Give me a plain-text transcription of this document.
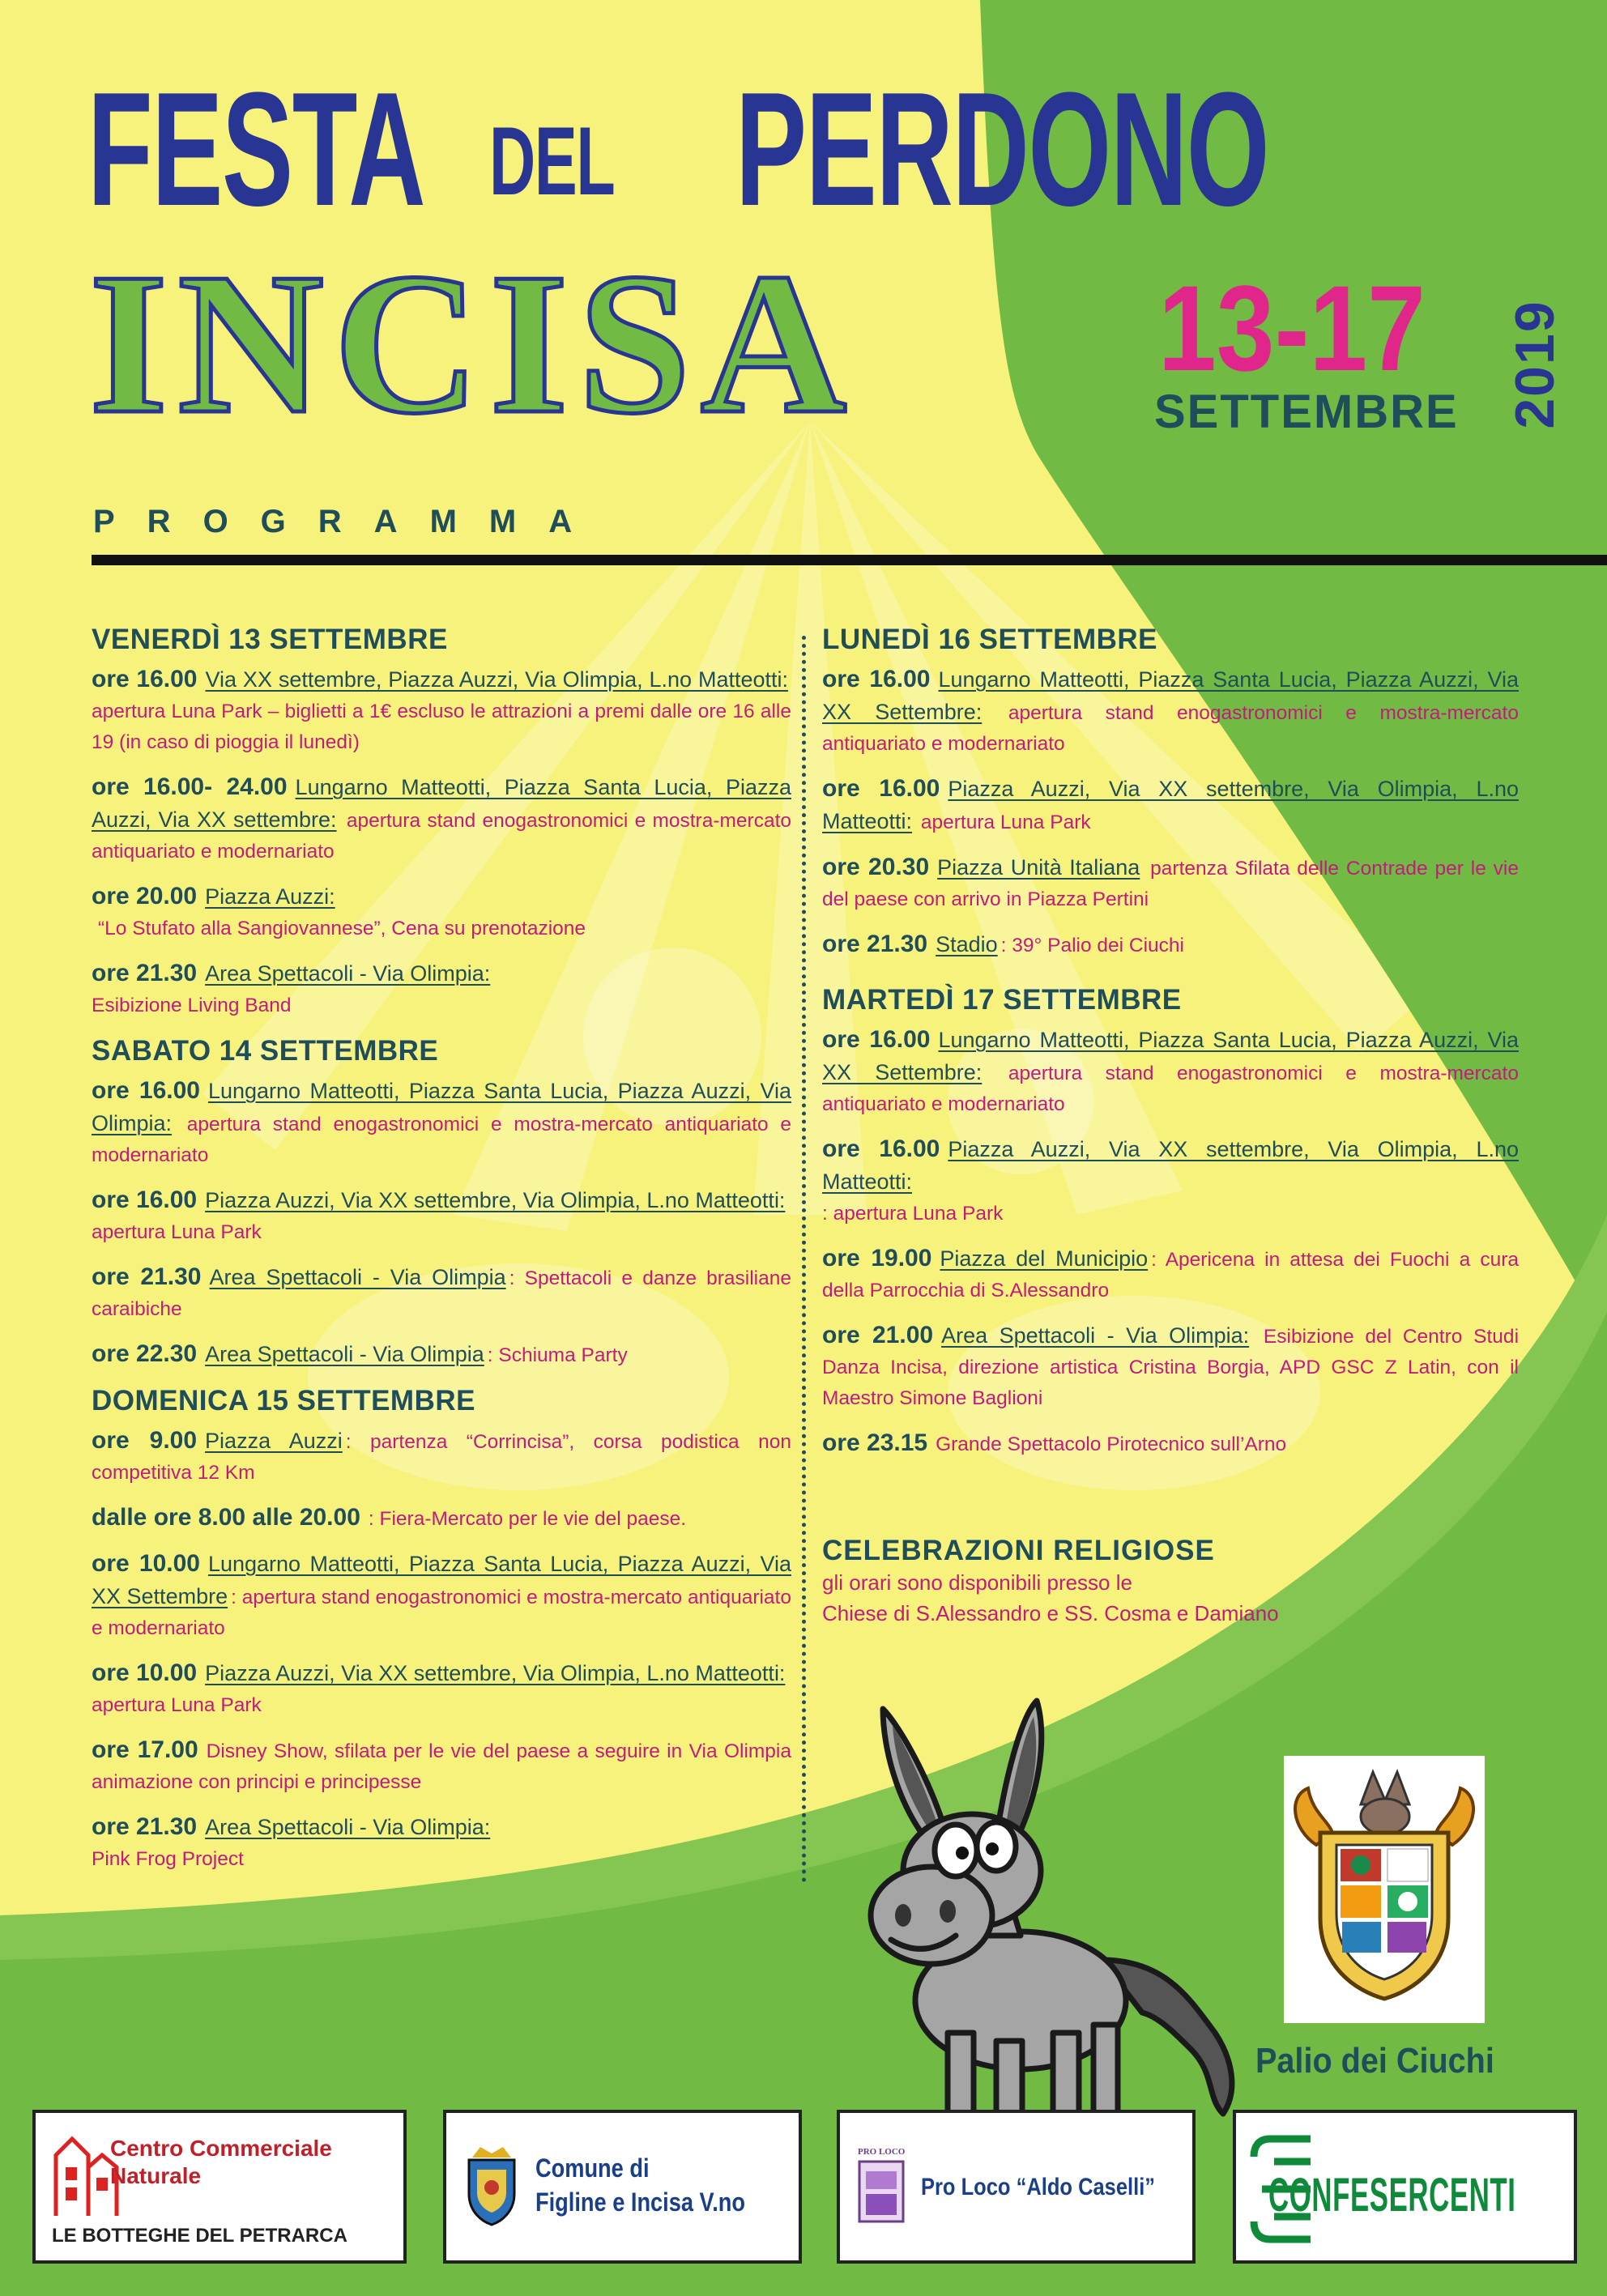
FESTA DEL PERDONO
INCISA 13-17
SETTEMBRE 2019
PROGRAMMA
VENERDÌ 13 SETTEMBRE
ore 16.00 Via XX settembre, Piazza Auzzi, Via Olimpia, L.no Matteotti: apertura Luna Park – biglietti a 1€ escluso le attrazioni a premi dalle ore 16 alle 19 (in caso di pioggia il lunedì)
ore 16.00- 24.00 Lungarno Matteotti, Piazza Santa Lucia, Piazza Auzzi, Via XX settembre: apertura stand enogastronomici e mostra-mercato antiquariato e modernariato
ore 20.00 Piazza Auzzi:
“Lo Stufato alla Sangiovannese”, Cena su prenotazione
ore 21.30 Area Spettacoli - Via Olimpia:
Esibizione Living Band
SABATO 14 SETTEMBRE
ore 16.00 Lungarno Matteotti, Piazza Santa Lucia, Piazza Auzzi, Via Olimpia: apertura stand enogastronomici e mostra-mercato antiquariato e modernariato
ore 16.00 Piazza Auzzi, Via XX settembre, Via Olimpia, L.no Matteotti:
apertura Luna Park
ore 21.30 Area Spettacoli - Via Olimpia : Spettacoli e danze brasiliane caraibiche
ore 22.30 Area Spettacoli - Via Olimpia : Schiuma Party
DOMENICA 15 SETTEMBRE
ore 9.00 Piazza Auzzi : partenza “Corrincisa”, corsa podistica non competitiva 12 Km
dalle ore 8.00 alle 20.00 : Fiera-Mercato per le vie del paese.
ore 10.00 Lungarno Matteotti, Piazza Santa Lucia, Piazza Auzzi, Via XX Settembre : apertura stand enogastronomici e mostra-mercato antiquariato e modernariato
ore 10.00 Piazza Auzzi, Via XX settembre, Via Olimpia, L.no Matteotti:
apertura Luna Park
ore 17.00 Disney Show, sfilata per le vie del paese a seguire in Via Olimpia animazione con principi e principesse
ore 21.30 Area Spettacoli - Via Olimpia:
Pink Frog Project
LUNEDÌ 16 SETTEMBRE
ore 16.00 Lungarno Matteotti, Piazza Santa Lucia, Piazza Auzzi, Via XX Settembre: apertura stand enogastronomici e mostra-mercato antiquariato e modernariato
ore 16.00 Piazza Auzzi, Via XX settembre, Via Olimpia, L.no Matteotti: apertura Luna Park
ore 20.30 Piazza Unità Italiana partenza Sfilata delle Contrade per le vie del paese con arrivo in Piazza Pertini
ore 21.30 Stadio : 39° Palio dei Ciuchi
MARTEDÌ 17 SETTEMBRE
ore 16.00 Lungarno Matteotti, Piazza Santa Lucia, Piazza Auzzi, Via XX Settembre: apertura stand enogastronomici e mostra-mercato antiquariato e modernariato
ore 16.00 Piazza Auzzi, Via XX settembre, Via Olimpia, L.no Matteotti:
: apertura Luna Park
ore 19.00 Piazza del Municipio : Apericena in attesa dei Fuochi a cura della Parrocchia di S.Alessandro
ore 21.00 Area Spettacoli - Via Olimpia: Esibizione del Centro Studi Danza Incisa, direzione artistica Cristina Borgia, APD GSC Z Latin, con il Maestro Simone Baglioni
ore 23.15 Grande Spettacolo Pirotecnico sull’Arno
CELEBRAZIONI RELIGIOSE
gli orari sono disponibili presso le
Chiese di S.Alessandro e SS. Cosma e Damiano
Palio dei Ciuchi
Centro Commerciale
Naturale
LE BOTTEGHE DEL PETRARCA
Comune di
Figline e Incisa V.no
PRO LOCO
Pro Loco “Aldo Caselli” CONFESERCENTI
